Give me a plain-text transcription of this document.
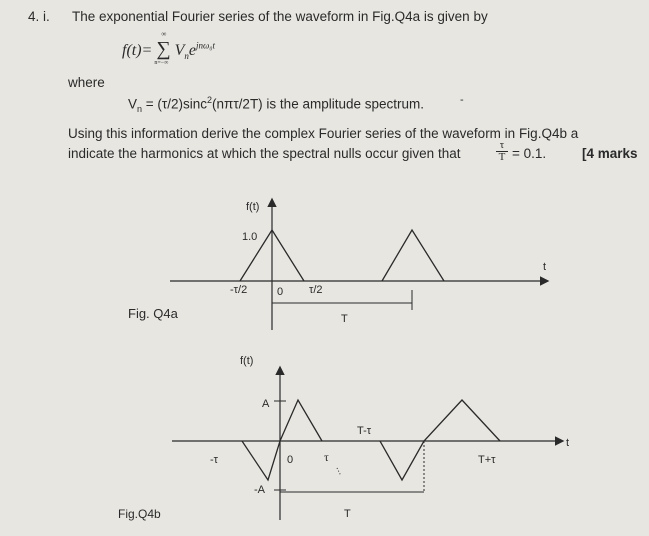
4. i. The exponential Fourier series of the waveform in Fig.Q4a is given by
f(t)= ∑
∞
n=−∞
$V_ne^{jn\omega_0t}$
where
$V_n = (\tau/2)\sin c^2(n\pi\tau/2T)$ is the amplitude spectrum.
Using this information derive the complex Fourier series of the waveform in Fig.Q4b a
indicate the harmonics at which the spectral nulls occur given that	$\frac{\tau}{T} = 0.1$.	[4 marks
f(t)
1.0
-τ/2	0 τ/2
t
T
Fig. Q4a
f(t)
A
-A
-τ	0	τ
T-τ
T+τ
t
T
Fig.Q4b
-
